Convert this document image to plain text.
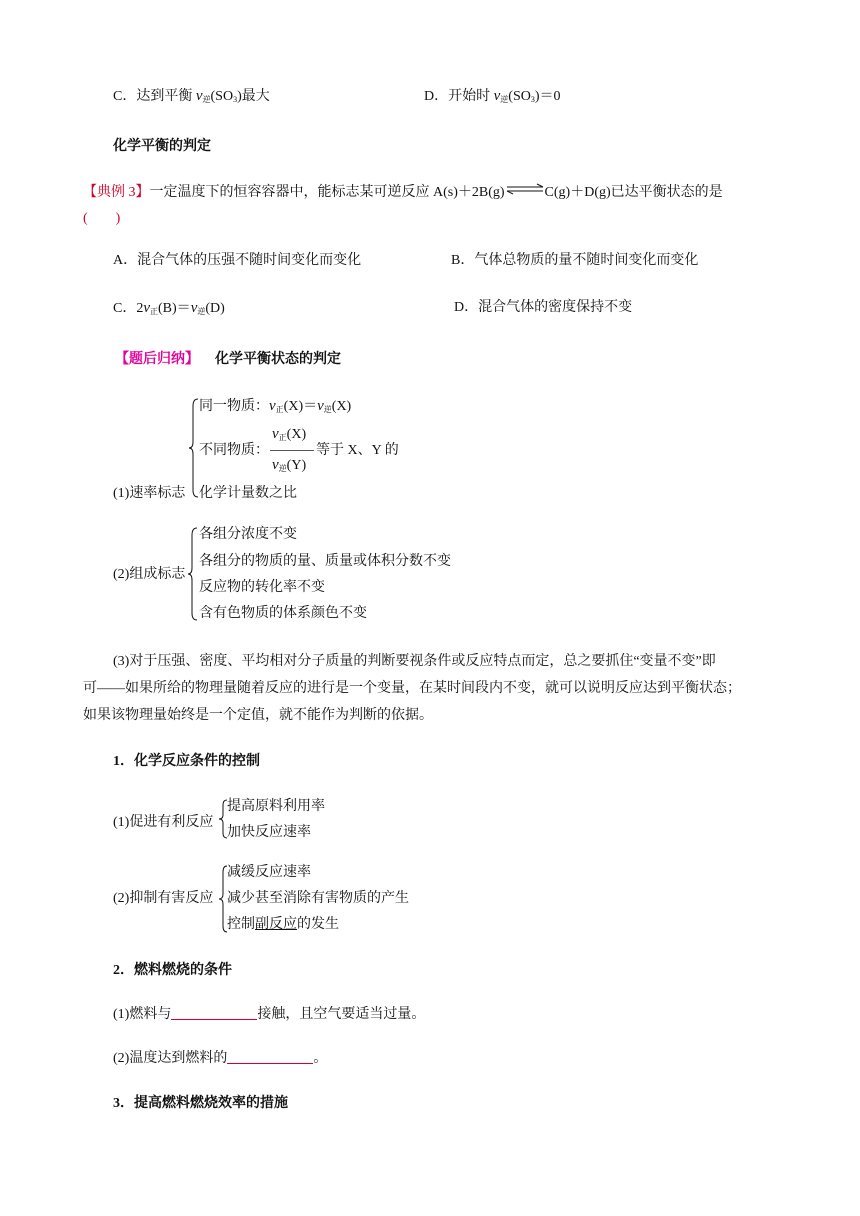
C．达到平衡 $v_逆(SO_3)$最大	D．开始时 $v_逆(SO_3)=0$
化学平衡的判定
【典例 3】一定温度下的恒容容器中，能标志某可逆反应 A(s)＋2B(g)⇌C(g)＋D(g)已达平衡状态的是
(　　)
A．混合气体的压强不随时间变化而变化	B．气体总物质的量不随时间变化而变化
C．$2v_正(B)=v_逆(D)$	D．混合气体的密度保持不变
【题后归纳】 化学平衡状态的判定
同一物质：$v_正(X)=v_逆(X)$
不同物质：
$v_正(X)$
$v_逆(Y)$
等于 X、Y 的
(1)速率标志 化学计量数之比
(2)组成标志
各组分浓度不变
各组分的物质的量、质量或体积分数不变
反应物的转化率不变
含有色物质的体系颜色不变
(3)对于压强、密度、平均相对分子质量的判断要视条件或反应特点而定，总之要抓住“变量不变”即
可——如果所给的物理量随着反应的进行是一个变量，在某时间段内不变，就可以说明反应达到平衡状态；
如果该物理量始终是一个定值，就不能作为判断的依据。
1．化学反应条件的控制
(1)促进有利反应
提高原料利用率
加快反应速率
(2)抑制有害反应
减缓反应速率
减少甚至消除有害物质的产生
控制副反应的发生
2．燃料燃烧的条件
(1)燃料与	接触，且空气要适当过量。
(2)温度达到燃料的	。
3．提高燃料燃烧效率的措施
